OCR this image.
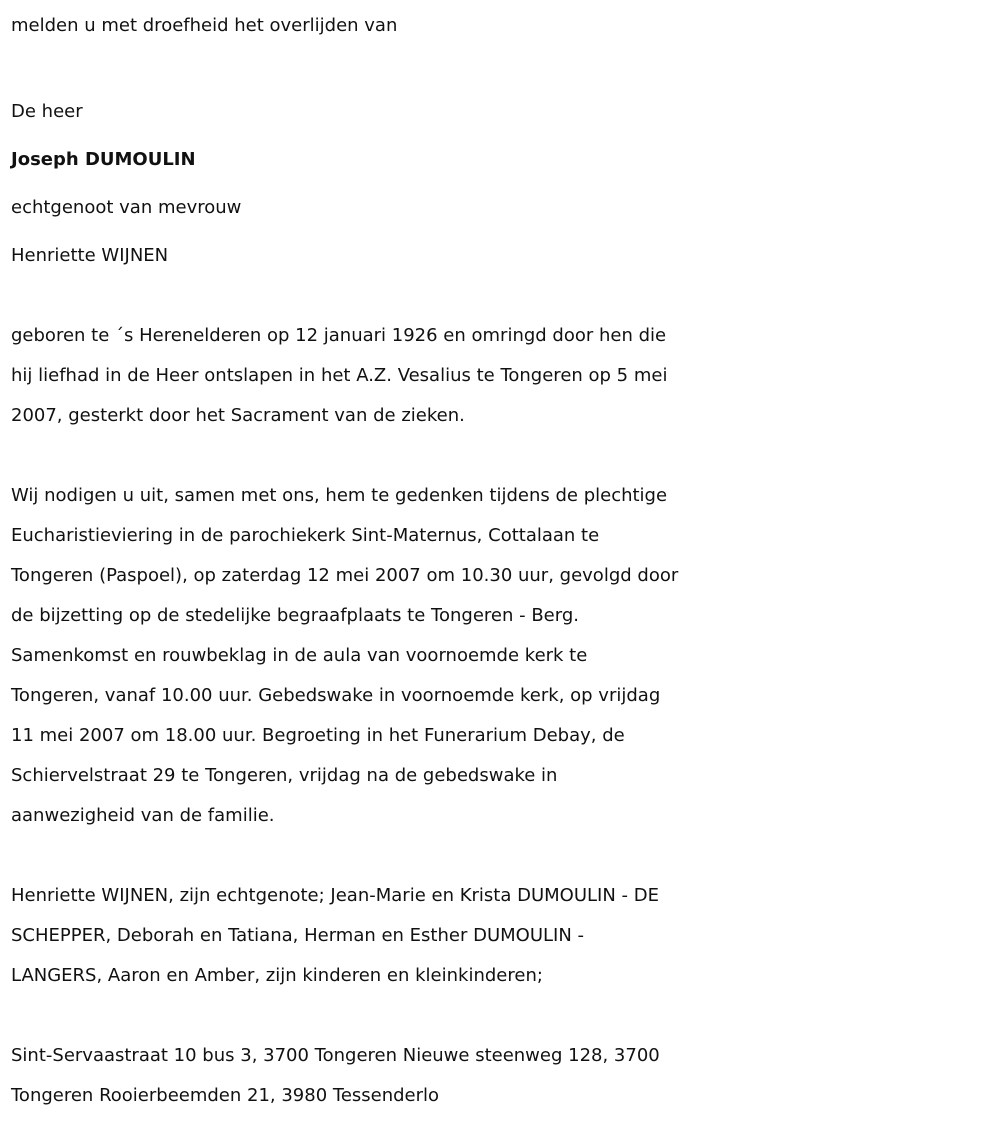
melden u met droefheid het overlijden van
De heer
Joseph DUMOULIN
echtgenoot van mevrouw
Henriette WIJNEN
geboren te ´s Herenelderen op 12 januari 1926 en omringd door hen die
hij liefhad in de Heer ontslapen in het A.Z. Vesalius te Tongeren op 5 mei
2007, gesterkt door het Sacrament van de zieken.
Wij nodigen u uit, samen met ons, hem te gedenken tijdens de plechtige
Eucharistieviering in de parochiekerk Sint-Maternus, Cottalaan te
Tongeren (Paspoel), op zaterdag 12 mei 2007 om 10.30 uur, gevolgd door
de bijzetting op de stedelijke begraafplaats te Tongeren - Berg.
Samenkomst en rouwbeklag in de aula van voornoemde kerk te
Tongeren, vanaf 10.00 uur. Gebedswake in voornoemde kerk, op vrijdag
11 mei 2007 om 18.00 uur. Begroeting in het Funerarium Debay, de
Schiervelstraat 29 te Tongeren, vrijdag na de gebedswake in
aanwezigheid van de familie.
Henriette WIJNEN, zijn echtgenote; Jean-Marie en Krista DUMOULIN - DE
SCHEPPER, Deborah en Tatiana, Herman en Esther DUMOULIN -
LANGERS, Aaron en Amber, zijn kinderen en kleinkinderen;
Sint-Servaastraat 10 bus 3, 3700 Tongeren Nieuwe steenweg 128, 3700
Tongeren Rooierbeemden 21, 3980 Tessenderlo
